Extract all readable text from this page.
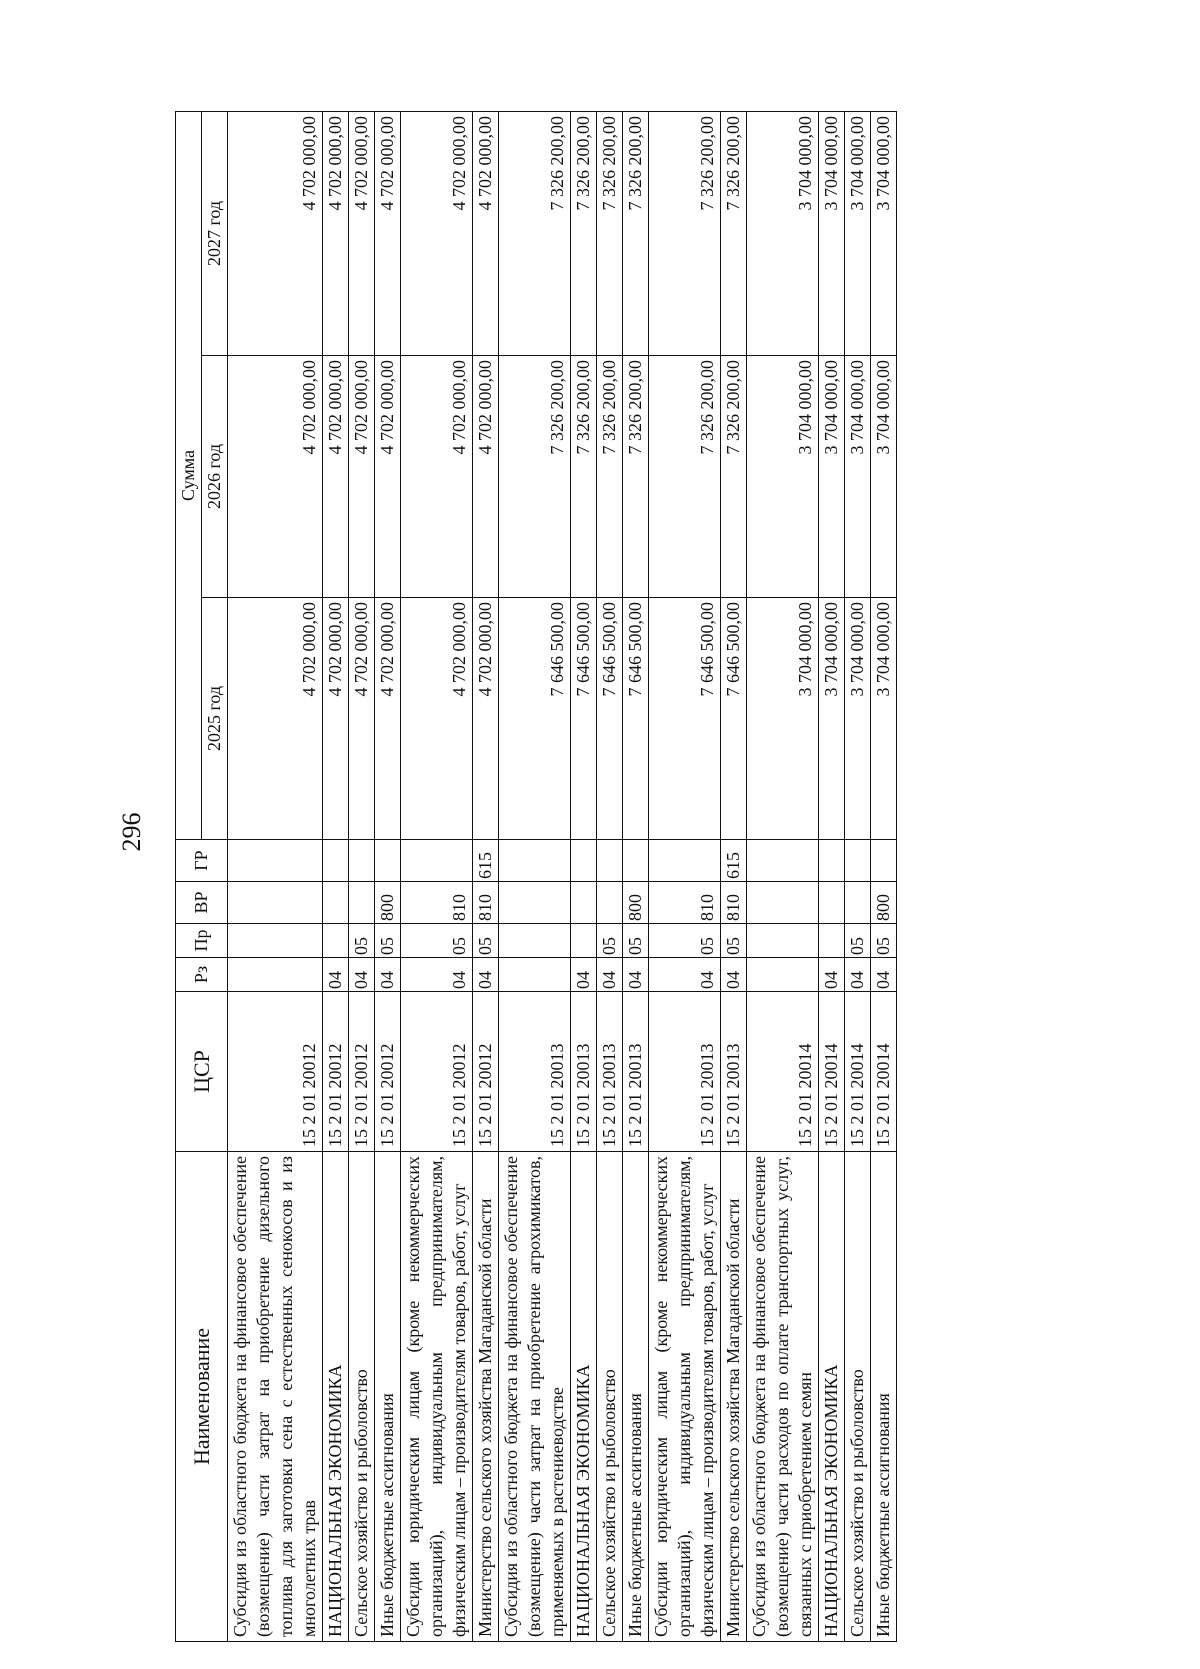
296
Наименование	ЦСР	Рз	Пр	ВР	ГР	Сумма		
						2025 год	2026 год	2027 год
Субсидия из областного бюджета на финансовое обеспечение (возмещение) части затрат на приобретение дизельного топлива для заготовки сена с естественных сенокосов и из многолетних трав	15 2 01 20012					4 702 000,00	4 702 000,00	4 702 000,00
НАЦИОНАЛЬНАЯ ЭКОНОМИКА	15 2 01 20012	04				4 702 000,00	4 702 000,00	4 702 000,00
Сельское хозяйство и рыболовство	15 2 01 20012	04	05			4 702 000,00	4 702 000,00	4 702 000,00
Иные бюджетные ассигнования	15 2 01 20012	04	05	800		4 702 000,00	4 702 000,00	4 702 000,00
Субсидии юридическим лицам (кроме некоммерческих организаций), индивидуальным предпринимателям, физическим лицам – производителям товаров, работ, услуг	15 2 01 20012	04	05	810		4 702 000,00	4 702 000,00	4 702 000,00
Министерство сельского хозяйства Магаданской области	15 2 01 20012	04	05	810	615	4 702 000,00	4 702 000,00	4 702 000,00
Субсидия из областного бюджета на финансовое обеспечение (возмещение) части затрат на приобретение агрохимикатов, применяемых в растениеводстве	15 2 01 20013					7 646 500,00	7 326 200,00	7 326 200,00
НАЦИОНАЛЬНАЯ ЭКОНОМИКА	15 2 01 20013	04				7 646 500,00	7 326 200,00	7 326 200,00
Сельское хозяйство и рыболовство	15 2 01 20013	04	05			7 646 500,00	7 326 200,00	7 326 200,00
Иные бюджетные ассигнования	15 2 01 20013	04	05	800		7 646 500,00	7 326 200,00	7 326 200,00
Субсидии юридическим лицам (кроме некоммерческих организаций), индивидуальным предпринимателям, физическим лицам – производителям товаров, работ, услуг	15 2 01 20013	04	05	810		7 646 500,00	7 326 200,00	7 326 200,00
Министерство сельского хозяйства Магаданской области	15 2 01 20013	04	05	810	615	7 646 500,00	7 326 200,00	7 326 200,00
Субсидия из областного бюджета на финансовое обеспечение (возмещение) части расходов по оплате транспортных услуг, связанных с приобретением семян	15 2 01 20014					3 704 000,00	3 704 000,00	3 704 000,00
НАЦИОНАЛЬНАЯ ЭКОНОМИКА	15 2 01 20014	04				3 704 000,00	3 704 000,00	3 704 000,00
Сельское хозяйство и рыболовство	15 2 01 20014	04	05			3 704 000,00	3 704 000,00	3 704 000,00
Иные бюджетные ассигнования	15 2 01 20014	04	05	800		3 704 000,00	3 704 000,00	3 704 000,00
